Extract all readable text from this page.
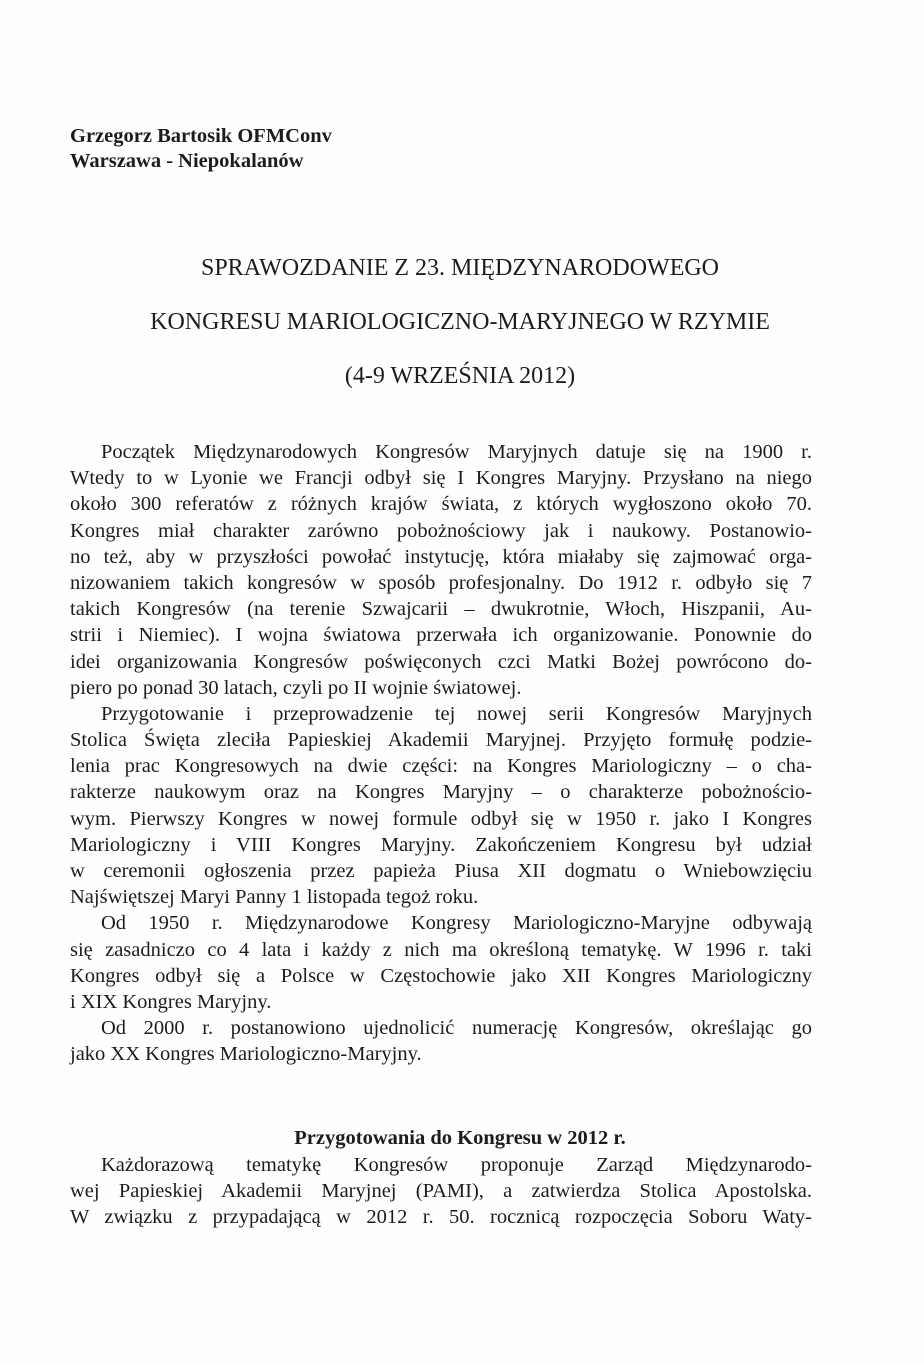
Grzegorz Bartosik OFMConv
Warszawa - Niepokalanów
SPRAWOZDANIE Z 23. MIĘDZYNARODOWEGO
KONGRESU MARIOLOGICZNO-MARYJNEGO W RZYMIE
(4-9 WRZEŚNIA 2012)
Początek Międzynarodowych Kongresów Maryjnych datuje się na 1900 r.
Wtedy to w Lyonie we Francji odbył się I Kongres Maryjny. Przysłano na niego
około 300 referatów z różnych krajów świata, z których wygłoszono około 70.
Kongres miał charakter zarówno pobożnościowy jak i naukowy. Postanowio-
no też, aby w przyszłości powołać instytucję, która miałaby się zajmować orga-
nizowaniem takich kongresów w sposób profesjonalny. Do 1912 r. odbyło się 7
takich Kongresów (na terenie Szwajcarii – dwukrotnie, Włoch, Hiszpanii, Au-
strii i Niemiec). I wojna światowa przerwała ich organizowanie. Ponownie do
idei organizowania Kongresów poświęconych czci Matki Bożej powrócono do-
piero po ponad 30 latach, czyli po II wojnie światowej.
Przygotowanie i przeprowadzenie tej nowej serii Kongresów Maryjnych
Stolica Święta zleciła Papieskiej Akademii Maryjnej. Przyjęto formułę podzie-
lenia prac Kongresowych na dwie części: na Kongres Mariologiczny – o cha-
rakterze naukowym oraz na Kongres Maryjny – o charakterze pobożnościo-
wym. Pierwszy Kongres w nowej formule odbył się w 1950 r. jako I Kongres
Mariologiczny i VIII Kongres Maryjny. Zakończeniem Kongresu był udział
w ceremonii ogłoszenia przez papieża Piusa XII dogmatu o Wniebowzięciu
Najświętszej Maryi Panny 1 listopada tegoż roku.
Od 1950 r. Międzynarodowe Kongresy Mariologiczno-Maryjne odbywają
się zasadniczo co 4 lata i każdy z nich ma określoną tematykę. W 1996 r. taki
Kongres odbył się a Polsce w Częstochowie jako XII Kongres Mariologiczny
i XIX Kongres Maryjny.
Od 2000 r. postanowiono ujednolicić numerację Kongresów, określając go
jako XX Kongres Mariologiczno-Maryjny.
Przygotowania do Kongresu w 2012 r.
Każdorazową tematykę Kongresów proponuje Zarząd Międzynarodo-
wej Papieskiej Akademii Maryjnej (PAMI), a zatwierdza Stolica Apostolska.
W związku z przypadającą w 2012 r. 50. rocznicą rozpoczęcia Soboru Waty-
